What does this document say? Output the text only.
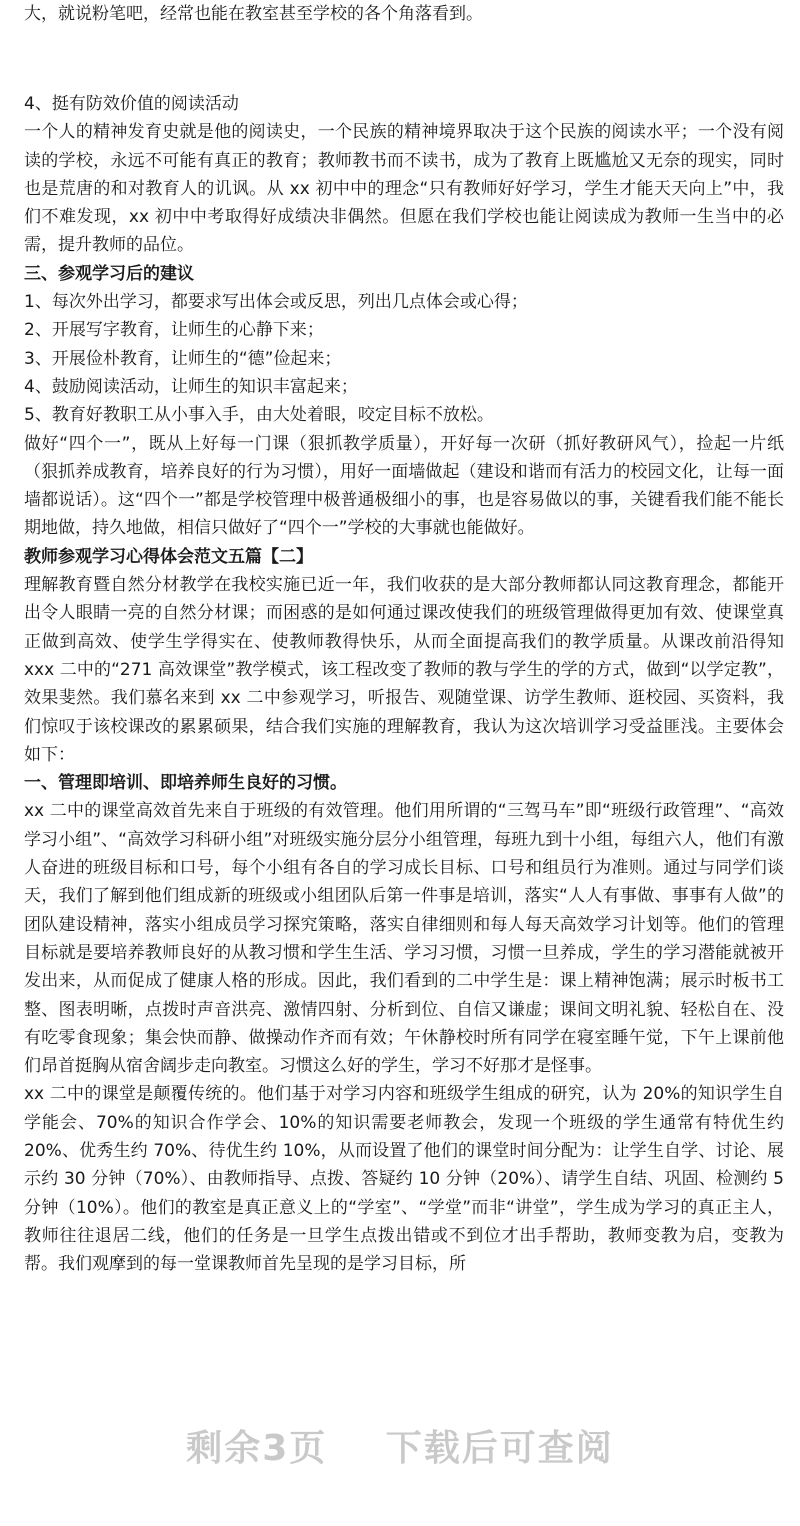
大，就说粉笔吧，经常也能在教室甚至学校的各个角落看到。
4、挺有防效价值的阅读活动
一个人的精神发育史就是他的阅读史，一个民族的精神境界取决于这个民族的阅读水平；一个没有阅读的学校，永远不可能有真正的教育；教师教书而不读书，成为了教育上既尴尬又无奈的现实，同时也是荒唐的和对教育人的讥讽。从 xx 初中中的理念“只有教师好好学习，学生才能天天向上”中，我们不难发现，xx 初中中考取得好成绩决非偶然。但愿在我们学校也能让阅读成为教师一生当中的必需，提升教师的品位。
三、参观学习后的建议
1、每次外出学习，都要求写出体会或反思，列出几点体会或心得；
2、开展写字教育，让师生的心静下来；
3、开展俭朴教育，让师生的“德”俭起来；
4、鼓励阅读活动，让师生的知识丰富起来；
5、教育好教职工从小事入手，由大处着眼，咬定目标不放松。
做好“四个一”，既从上好每一门课（狠抓教学质量），开好每一次研（抓好教研风气），捡起一片纸（狠抓养成教育，培养良好的行为习惯），用好一面墙做起（建设和谐而有活力的校园文化，让每一面墙都说话）。这“四个一”都是学校管理中极普通极细小的事，也是容易做以的事，关键看我们能不能长期地做，持久地做，相信只做好了“四个一”学校的大事就也能做好。
教师参观学习心得体会范文五篇【二】
理解教育暨自然分材教学在我校实施已近一年，我们收获的是大部分教师都认同这教育理念，都能开出令人眼睛一亮的自然分材课；而困惑的是如何通过课改使我们的班级管理做得更加有效、使课堂真正做到高效、使学生学得实在、使教师教得快乐，从而全面提高我们的教学质量。从课改前沿得知 xxx 二中的“271 高效课堂”教学模式，该工程改变了教师的教与学生的学的方式，做到“以学定教”，效果斐然。我们慕名来到 xx 二中参观学习，听报告、观随堂课、访学生教师、逛校园、买资料，我们惊叹于该校课改的累累硕果，结合我们实施的理解教育，我认为这次培训学习受益匪浅。主要体会如下：
一、管理即培训、即培养师生良好的习惯。
xx 二中的课堂高效首先来自于班级的有效管理。他们用所谓的“三驾马车”即“班级行政管理”、“高效学习小组”、“高效学习科研小组”对班级实施分层分小组管理，每班九到十小组，每组六人，他们有激人奋进的班级目标和口号，每个小组有各自的学习成长目标、口号和组员行为准则。通过与同学们谈天，我们了解到他们组成新的班级或小组团队后第一件事是培训，落实“人人有事做、事事有人做”的团队建设精神，落实小组成员学习探究策略，落实自律细则和每人每天高效学习计划等。他们的管理目标就是要培养教师良好的从教习惯和学生生活、学习习惯，习惯一旦养成，学生的学习潜能就被开发出来，从而促成了健康人格的形成。因此，我们看到的二中学生是：课上精神饱满；展示时板书工整、图表明晰，点拨时声音洪亮、激情四射、分析到位、自信又谦虚；课间文明礼貌、轻松自在、没有吃零食现象；集会快而静、做操动作齐而有效；午休静校时所有同学在寝室睡午觉，下午上课前他们昂首挺胸从宿舍阔步走向教室。习惯这么好的学生，学习不好那才是怪事。
xx 二中的课堂是颠覆传统的。他们基于对学习内容和班级学生组成的研究，认为 20%的知识学生自学能会、70%的知识合作学会、10%的知识需要老师教会，发现一个班级的学生通常有特优生约 20%、优秀生约 70%、待优生约 10%，从而设置了他们的课堂时间分配为：让学生自学、讨论、展示约 30 分钟（70%）、由教师指导、点拨、答疑约 10 分钟（20%）、请学生自结、巩固、检测约 5 分钟（10%）。他们的教室是真正意义上的“学室”、“学堂”而非“讲堂”，学生成为学习的真正主人，教师往往退居二线，他们的任务是一旦学生点拨出错或不到位才出手帮助，教师变教为启，变教为帮。我们观摩到的每一堂课教师首先呈现的是学习目标，所
剩余3页 下载后可查阅
